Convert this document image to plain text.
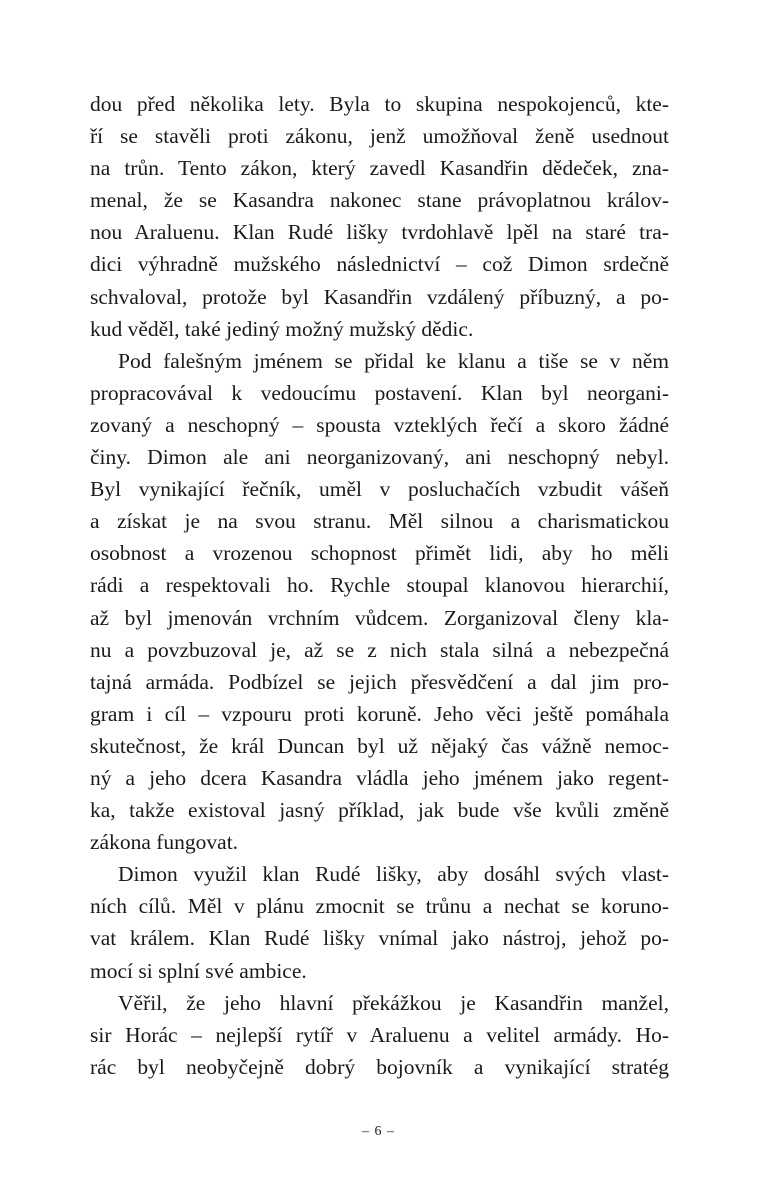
dou před několika lety. Byla to skupina nespokojenců, kte-
ří se stavěli proti zákonu, jenž umožňoval ženě usednout
na trůn. Tento zákon, který zavedl Kasandřin dědeček, zna-
menal, že se Kasandra nakonec stane právoplatnou králov-
nou Araluenu. Klan Rudé lišky tvrdohlavě lpěl na staré tra-
dici výhradně mužského následnictví – což Dimon srdečně
schvaloval, protože byl Kasandřin vzdálený příbuzný, a po-
kud věděl, také jediný možný mužský dědic.
Pod falešným jménem se přidal ke klanu a tiše se v něm
propracovával k vedoucímu postavení. Klan byl neorgani-
zovaný a neschopný – spousta vzteklých řečí a skoro žádné
činy. Dimon ale ani neorganizovaný, ani neschopný nebyl.
Byl vynikající řečník, uměl v posluchačích vzbudit vášeň
a získat je na svou stranu. Měl silnou a charismatickou
osobnost a vrozenou schopnost přimět lidi, aby ho měli
rádi a respektovali ho. Rychle stoupal klanovou hierarchií,
až byl jmenován vrchním vůdcem. Zorganizoval členy kla-
nu a povzbuzoval je, až se z nich stala silná a nebezpečná
tajná armáda. Podbízel se jejich přesvědčení a dal jim pro-
gram i cíl – vzpouru proti koruně. Jeho věci ještě pomáhala
skutečnost, že král Duncan byl už nějaký čas vážně nemoc-
ný a jeho dcera Kasandra vládla jeho jménem jako regent-
ka, takže existoval jasný příklad, jak bude vše kvůli změně
zákona fungovat.
Dimon využil klan Rudé lišky, aby dosáhl svých vlast-
ních cílů. Měl v plánu zmocnit se trůnu a nechat se koruno-
vat králem. Klan Rudé lišky vnímal jako nástroj, jehož po-
mocí si splní své ambice.
Věřil, že jeho hlavní překážkou je Kasandřin manžel,
sir Horác – nejlepší rytíř v Araluenu a velitel armády. Ho-
rác byl neobyčejně dobrý bojovník a vynikající stratég
– 6 –
